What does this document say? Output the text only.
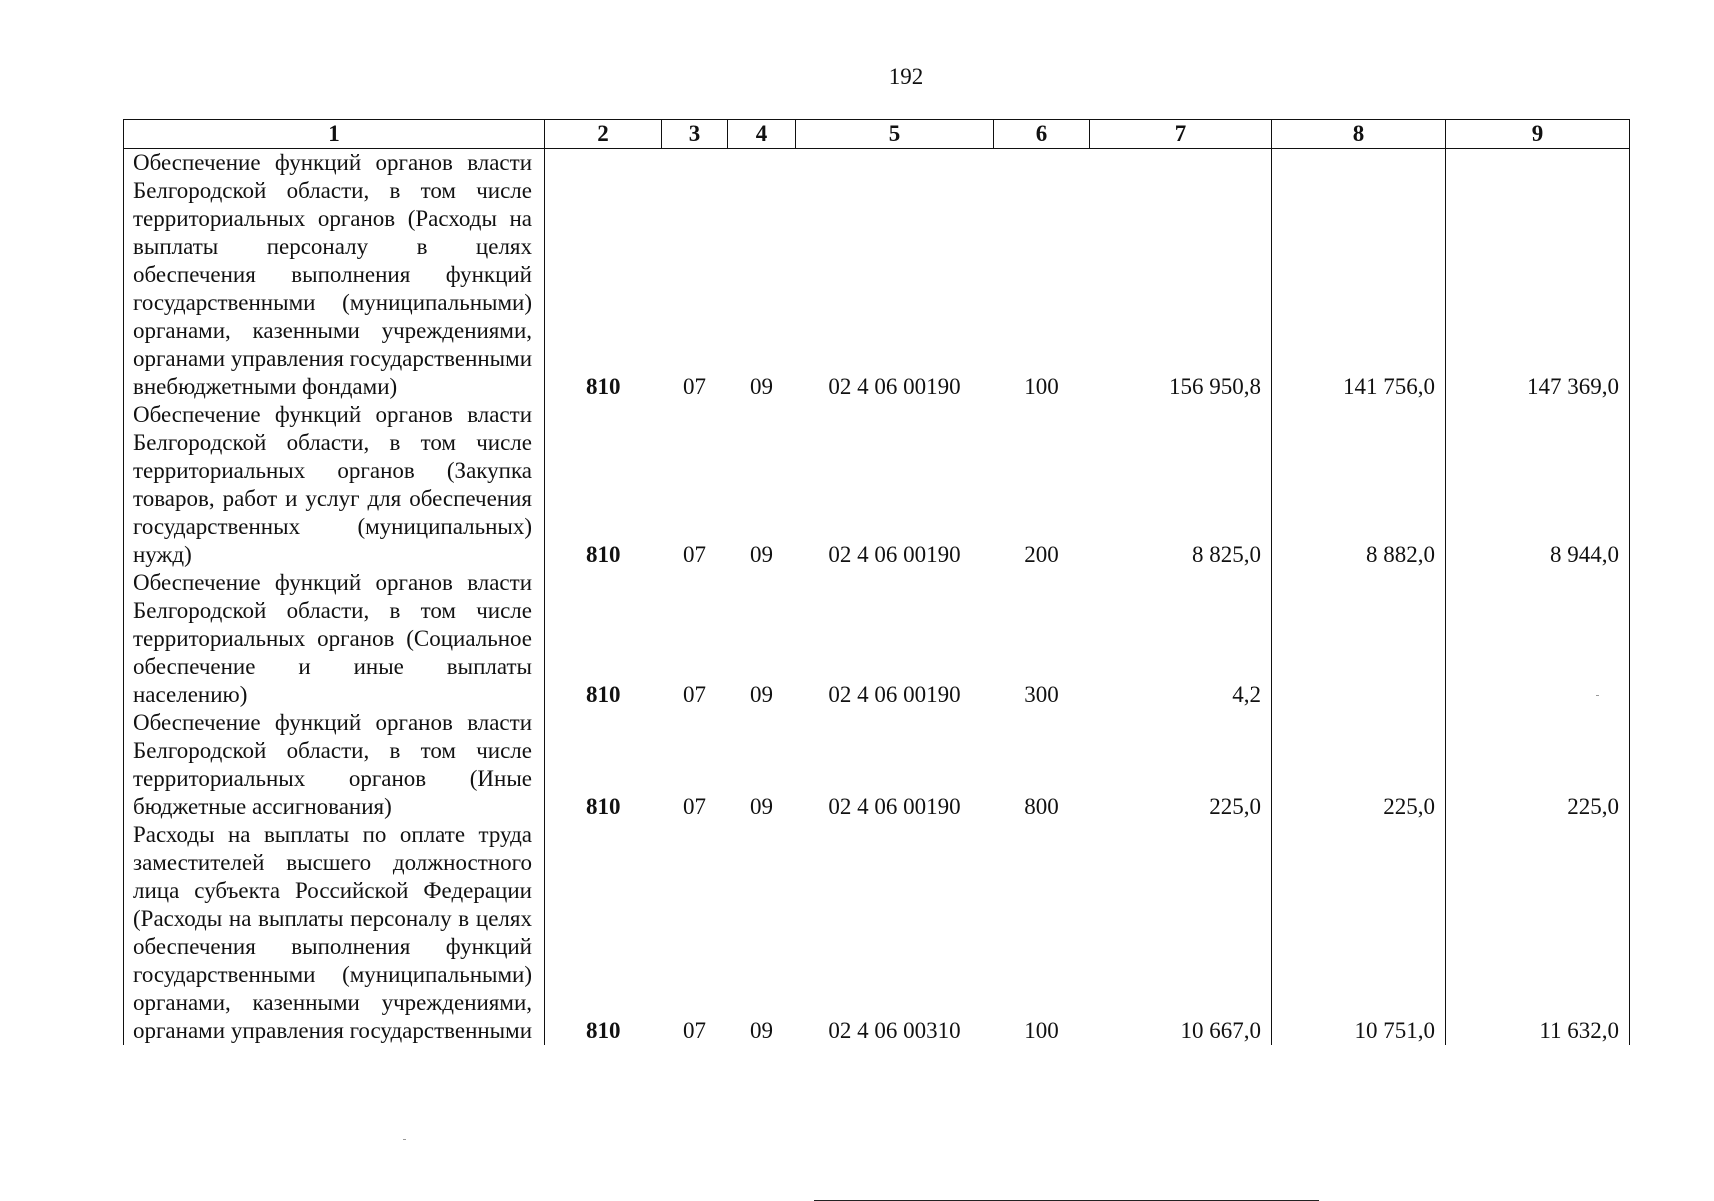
192
1	2	3	4	5	6	7	8	9
Обеспечение функций органов власти Белгородской области, в том числе территориальных органов (Расходы на выплаты персоналу в целях обеспечения выполнения функций государственными (муниципальными) органами, казенными учреждениями, органами управления государственными внебюджетными фондами)	810	07	09	02 4 06 00190	100	156 950,8	141 756,0	147 369,0
Обеспечение функций органов власти Белгородской области, в том числе территориальных органов (Закупка товаров, работ и услуг для обеспечения государственных (муниципальных) нужд)	810	07	09	02 4 06 00190	200	8 825,0	8 882,0	8 944,0
Обеспечение функций органов власти Белгородской области, в том числе территориальных органов (Социальное обеспечение и иные выплаты населению)	810	07	09	02 4 06 00190	300	4,2		
Обеспечение функций органов власти Белгородской области, в том числе территориальных органов (Иные бюджетные ассигнования)	810	07	09	02 4 06 00190	800	225,0	225,0	225,0
Расходы на выплаты по оплате труда заместителей высшего должностного лица субъекта Российской Федерации (Расходы на выплаты персоналу в целях обеспечения выполнения функций государственными (муниципальными) органами, казенными учреждениями, органами управления государственными	810	07	09	02 4 06 00310	100	10 667,0	10 751,0	11 632,0
